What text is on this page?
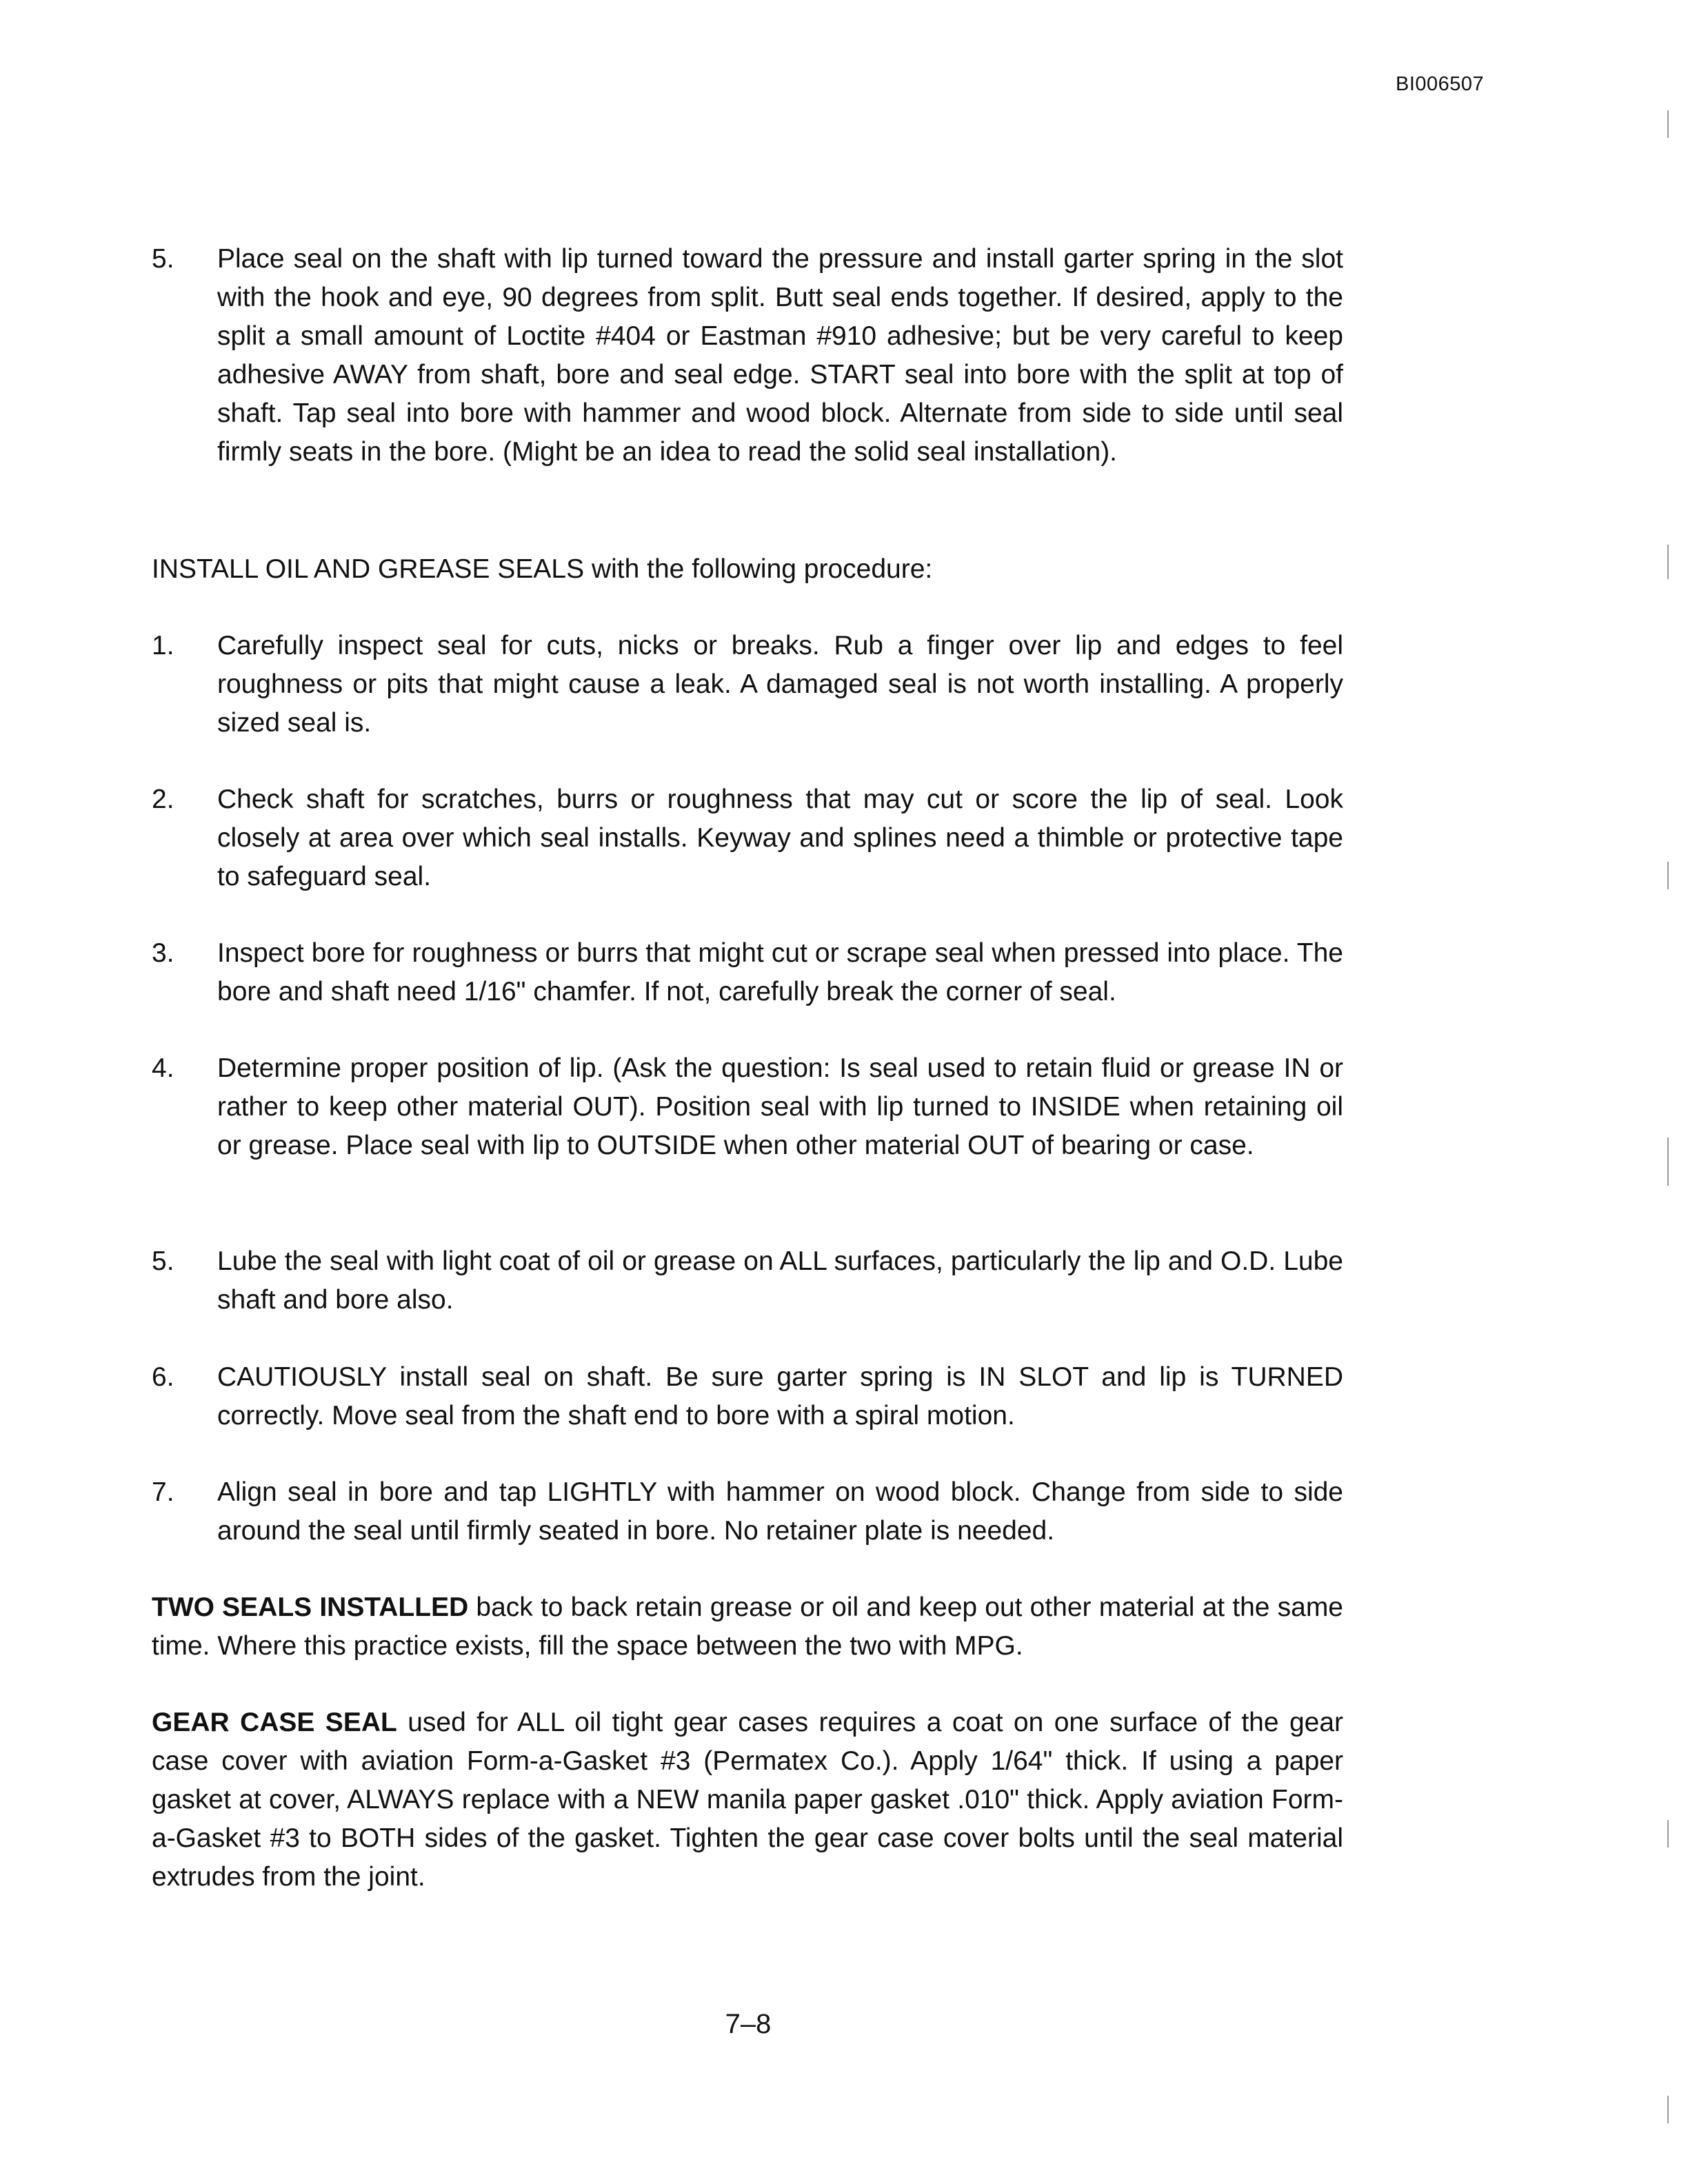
BI006507
5. Place seal on the shaft with lip turned toward the pressure and install garter spring in the slot with the hook and eye, 90 degrees from split. Butt seal ends together. If desired, apply to the split a small amount of Loctite #404 or Eastman #910 adhesive; but be very careful to keep adhesive AWAY from shaft, bore and seal edge. START seal into bore with the split at top of shaft. Tap seal into bore with hammer and wood block. Alternate from side to side until seal firmly seats in the bore. (Might be an idea to read the solid seal installation).
INSTALL OIL AND GREASE SEALS with the following procedure:
1. Carefully inspect seal for cuts, nicks or breaks. Rub a finger over lip and edges to feel roughness or pits that might cause a leak. A damaged seal is not worth installing. A properly sized seal is.
2. Check shaft for scratches, burrs or roughness that may cut or score the lip of seal. Look closely at area over which seal installs. Keyway and splines need a thimble or protective tape to safeguard seal.
3. Inspect bore for roughness or burrs that might cut or scrape seal when pressed into place. The bore and shaft need 1/16" chamfer. If not, carefully break the corner of seal.
4. Determine proper position of lip. (Ask the question: Is seal used to retain fluid or grease IN or rather to keep other material OUT). Position seal with lip turned to INSIDE when retaining oil or grease. Place seal with lip to OUTSIDE when other material OUT of bearing or case.
5. Lube the seal with light coat of oil or grease on ALL surfaces, particularly the lip and O.D. Lube shaft and bore also.
6. CAUTIOUSLY install seal on shaft. Be sure garter spring is IN SLOT and lip is TURNED correctly. Move seal from the shaft end to bore with a spiral motion.
7. Align seal in bore and tap LIGHTLY with hammer on wood block. Change from side to side around the seal until firmly seated in bore. No retainer plate is needed.
TWO SEALS INSTALLED back to back retain grease or oil and keep out other material at the same time. Where this practice exists, fill the space between the two with MPG.
GEAR CASE SEAL used for ALL oil tight gear cases requires a coat on one surface of the gear case cover with aviation Form-a-Gasket #3 (Permatex Co.). Apply 1/64" thick. If using a paper gasket at cover, ALWAYS replace with a NEW manila paper gasket .010" thick. Apply aviation Form-a-Gasket #3 to BOTH sides of the gasket. Tighten the gear case cover bolts until the seal material extrudes from the joint.
7–8
